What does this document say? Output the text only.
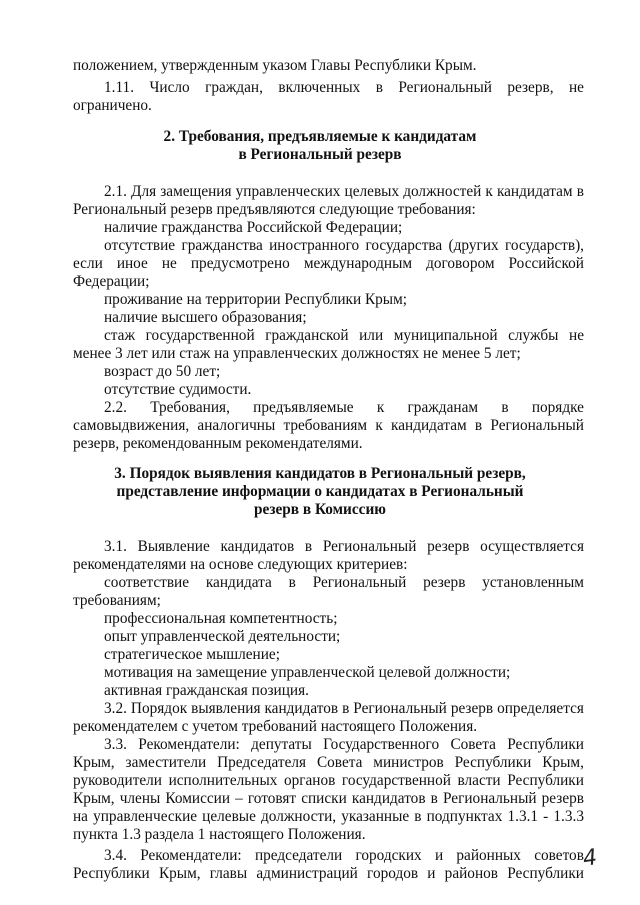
положением, утвержденным указом Главы Республики Крым.
1.11. Число граждан, включенных в Региональный резерв, не
ограничено.
2. Требования, предъявляемые к кандидатам
в Региональный резерв
2.1. Для замещения управленческих целевых должностей к кандидатам в
Региональный резерв предъявляются следующие требования:
наличие гражданства Российской Федерации;
отсутствие гражданства иностранного государства (других государств),
если иное не предусмотрено международным договором Российской
Федерации;
проживание на территории Республики Крым;
наличие высшего образования;
стаж государственной гражданской или муниципальной службы не
менее 3 лет или стаж на управленческих должностях не менее 5 лет;
возраст до 50 лет;
отсутствие судимости.
2.2. Требования, предъявляемые к гражданам в порядке
самовыдвижения, аналогичны требованиям к кандидатам в Региональный
резерв, рекомендованным рекомендателями.
3. Порядок выявления кандидатов в Региональный резерв,
представление информации о кандидатах в Региональный
резерв в Комиссию
3.1. Выявление кандидатов в Региональный резерв осуществляется
рекомендателями на основе следующих критериев:
соответствие кандидата в Региональный резерв установленным
требованиям;
профессиональная компетентность;
опыт управленческой деятельности;
стратегическое мышление;
мотивация на замещение управленческой целевой должности;
активная гражданская позиция.
3.2. Порядок выявления кандидатов в Региональный резерв определяется
рекомендателем с учетом требований настоящего Положения.
3.3. Рекомендатели: депутаты Государственного Совета Республики
Крым, заместители Председателя Совета министров Республики Крым,
руководители исполнительных органов государственной власти Республики
Крым, члены Комиссии – готовят списки кандидатов в Региональный резерв
на управленческие целевые должности, указанные в подпунктах 1.3.1 - 1.3.3
пункта 1.3 раздела 1 настоящего Положения.
3.4. Рекомендатели: председатели городских и районных советов
Республики Крым, главы администраций городов и районов Республики
4
